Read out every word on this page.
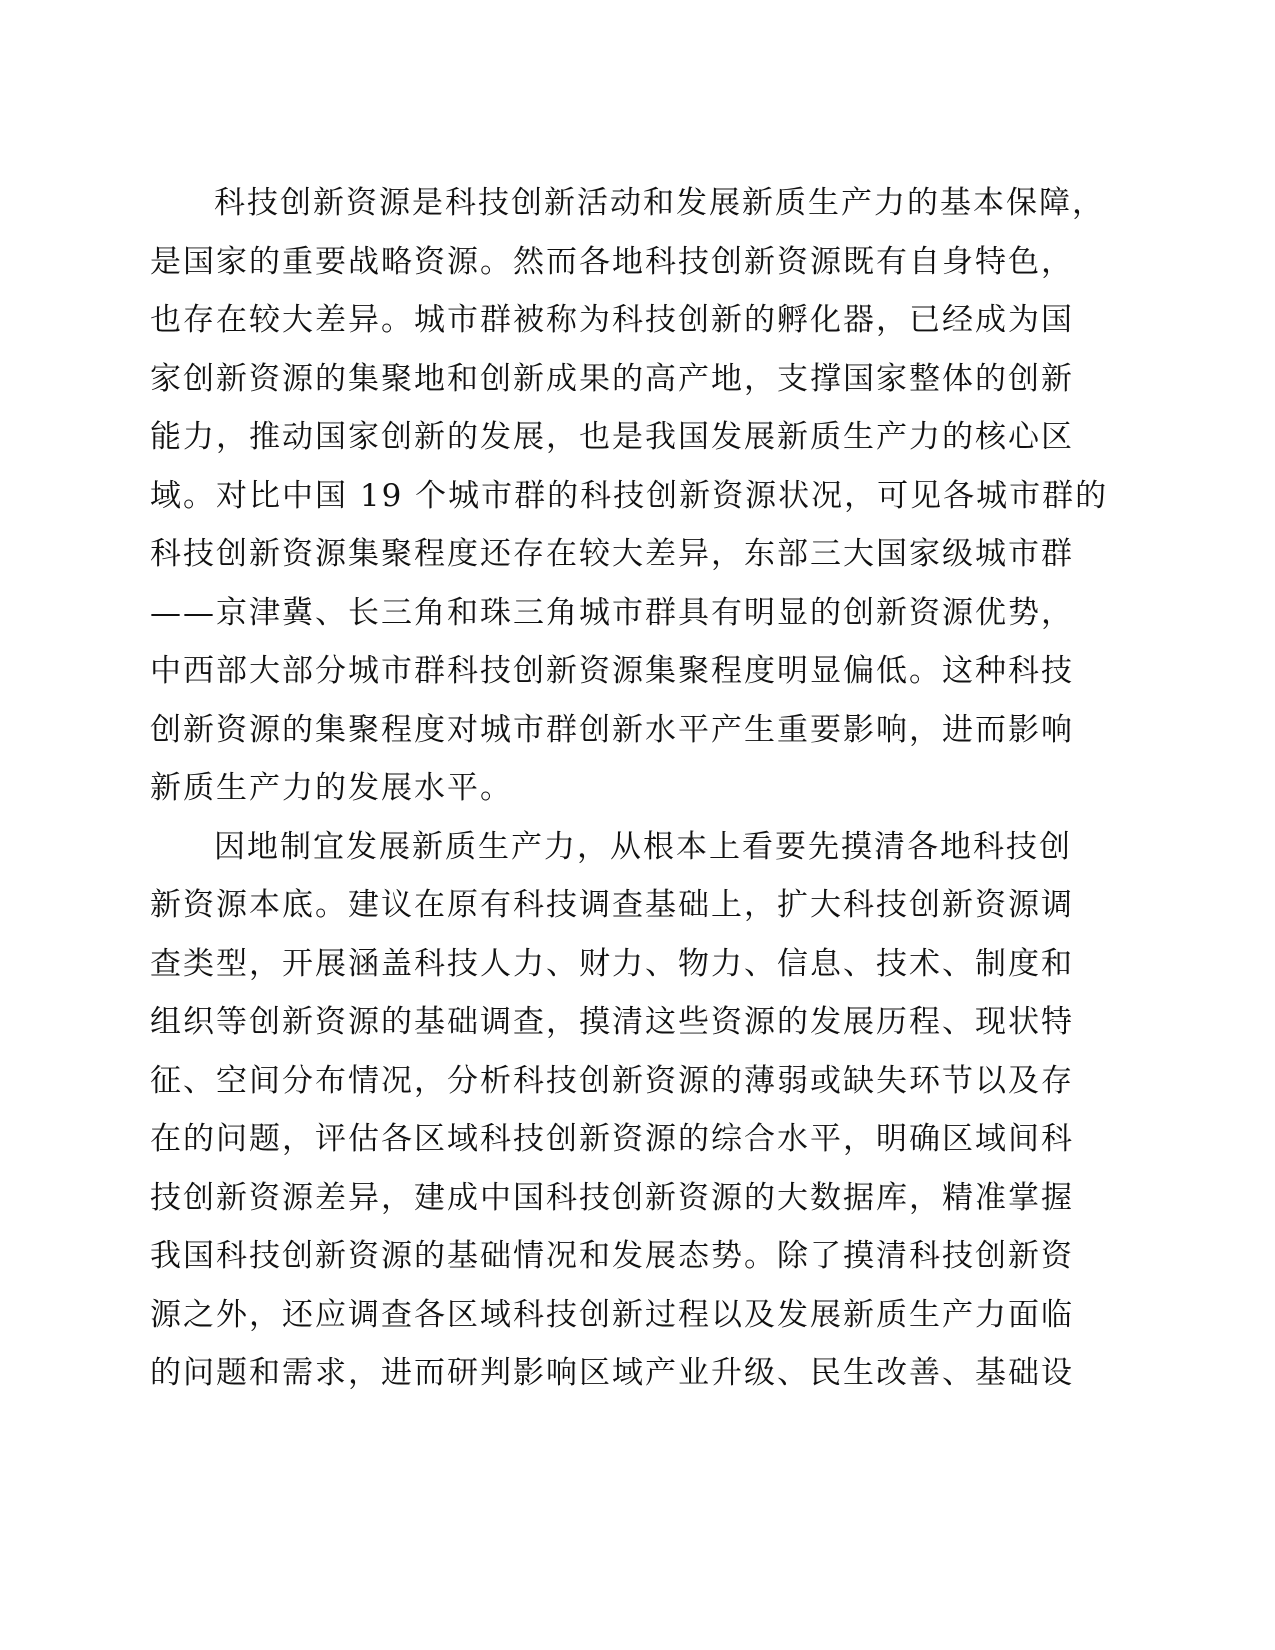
科技创新资源是科技创新活动和发展新质生产力的基本保障，
是国家的重要战略资源。然而各地科技创新资源既有自身特色，
也存在较大差异。城市群被称为科技创新的孵化器，已经成为国
家创新资源的集聚地和创新成果的高产地，支撑国家整体的创新
能力，推动国家创新的发展，也是我国发展新质生产力的核心区
域。对比中国 19 个城市群的科技创新资源状况，可见各城市群的
科技创新资源集聚程度还存在较大差异，东部三大国家级城市群
——京津冀、长三角和珠三角城市群具有明显的创新资源优势，
中西部大部分城市群科技创新资源集聚程度明显偏低。这种科技
创新资源的集聚程度对城市群创新水平产生重要影响，进而影响
新质生产力的发展水平。
因地制宜发展新质生产力，从根本上看要先摸清各地科技创
新资源本底。建议在原有科技调查基础上，扩大科技创新资源调
查类型，开展涵盖科技人力、财力、物力、信息、技术、制度和
组织等创新资源的基础调查，摸清这些资源的发展历程、现状特
征、空间分布情况，分析科技创新资源的薄弱或缺失环节以及存
在的问题，评估各区域科技创新资源的综合水平，明确区域间科
技创新资源差异，建成中国科技创新资源的大数据库，精准掌握
我国科技创新资源的基础情况和发展态势。除了摸清科技创新资
源之外，还应调查各区域科技创新过程以及发展新质生产力面临
的问题和需求，进而研判影响区域产业升级、民生改善、基础设
